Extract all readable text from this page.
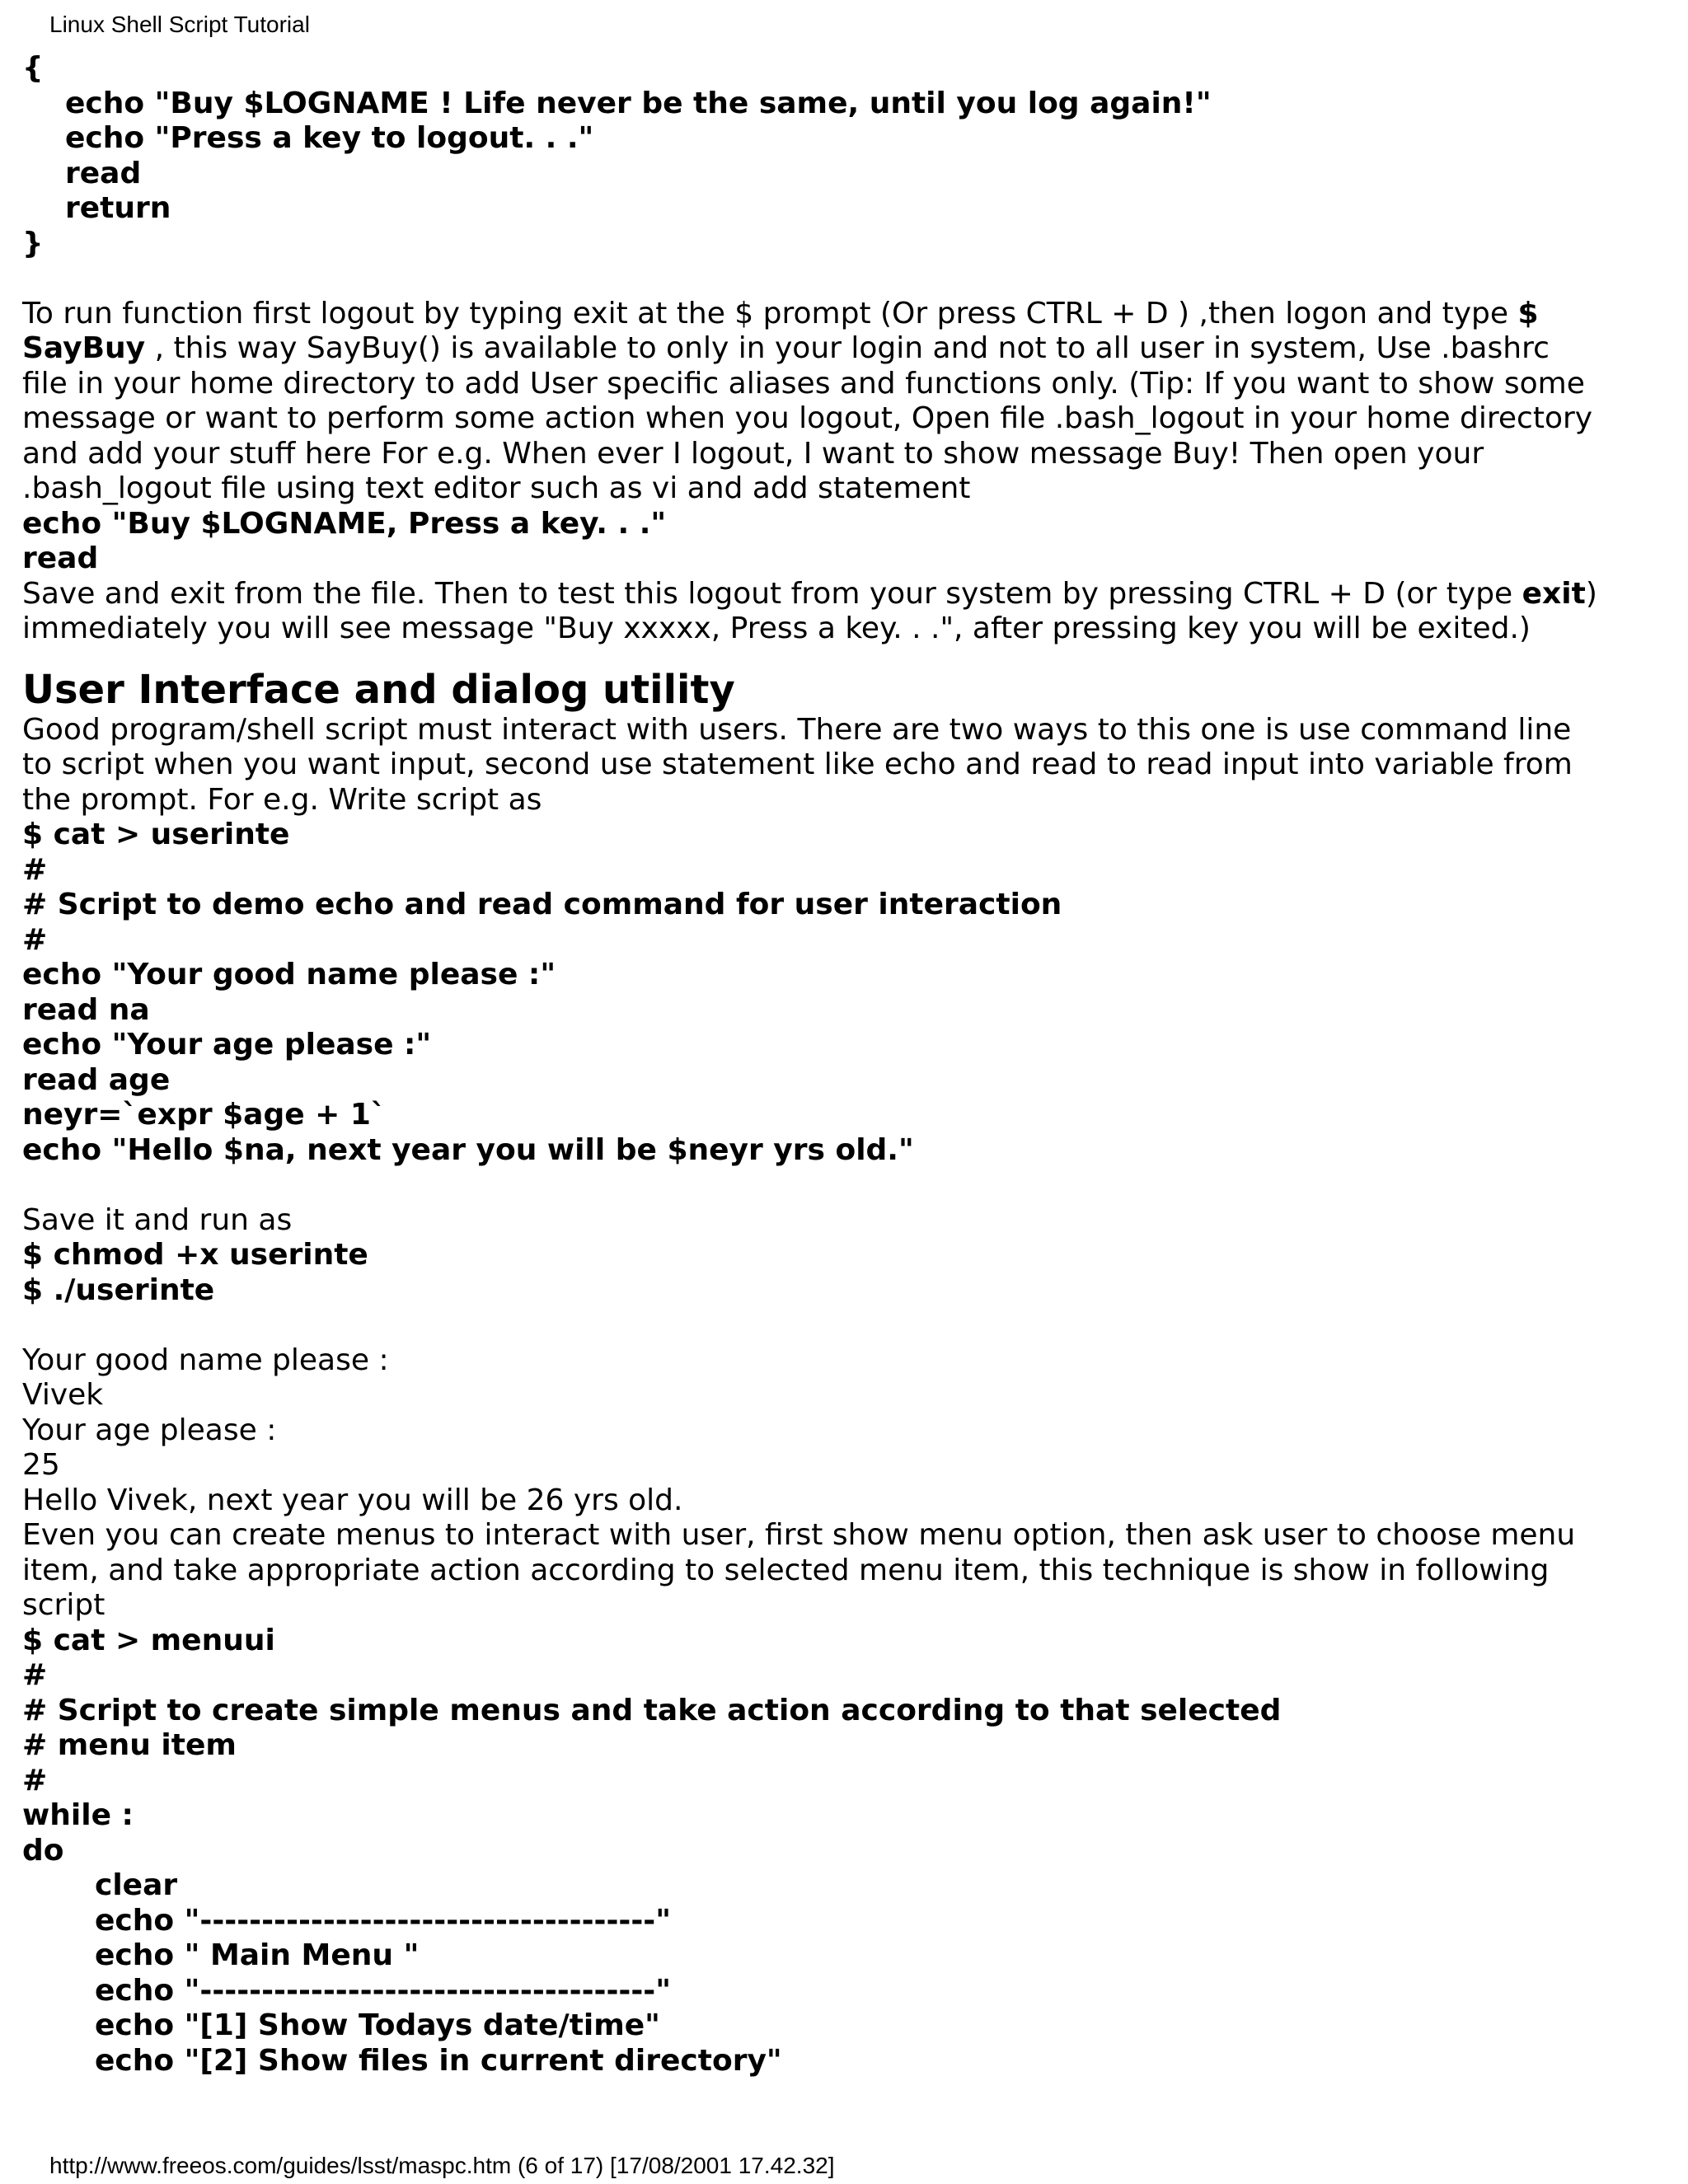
Linux Shell Script Tutorial
{
echo "Buy $LOGNAME ! Life never be the same, until you log again!"
echo "Press a key to logout. . ."
read
return
}
To run function first logout by typing exit at the $ prompt (Or press CTRL + D ) ,then logon and type $
SayBuy , this way SayBuy() is available to only in your login and not to all user in system, Use .bashrc
file in your home directory to add User specific aliases and functions only. (Tip: If you want to show some
message or want to perform some action when you logout, Open file .bash_logout in your home directory
and add your stuff here For e.g. When ever I logout, I want to show message Buy! Then open your
.bash_logout file using text editor such as vi and add statement
echo "Buy $LOGNAME, Press a key. . ."
read
Save and exit from the file. Then to test this logout from your system by pressing CTRL + D (or type exit)
immediately you will see message "Buy xxxxx, Press a key. . .", after pressing key you will be exited.)
User Interface and dialog utility
Good program/shell script must interact with users. There are two ways to this one is use command line
to script when you want input, second use statement like echo and read to read input into variable from
the prompt. For e.g. Write script as
$ cat > userinte
#
# Script to demo echo and read command for user interaction
#
echo "Your good name please :"
read na
echo "Your age please :"
read age
neyr=`expr $age + 1`
echo "Hello $na, next year you will be $neyr yrs old."
Save it and run as
$ chmod +x userinte
$ ./userinte
Your good name please :
Vivek
Your age please :
25
Hello Vivek, next year you will be 26 yrs old.
Even you can create menus to interact with user, first show menu option, then ask user to choose menu
item, and take appropriate action according to selected menu item, this technique is show in following
script
$ cat > menuui
#
# Script to create simple menus and take action according to that selected
# menu item
#
while :
do
clear
echo "-------------------------------------"
echo " Main Menu "
echo "-------------------------------------"
echo "[1] Show Todays date/time"
echo "[2] Show files in current directory"
http://www.freeos.com/guides/lsst/maspc.htm (6 of 17) [17/08/2001 17.42.32]
